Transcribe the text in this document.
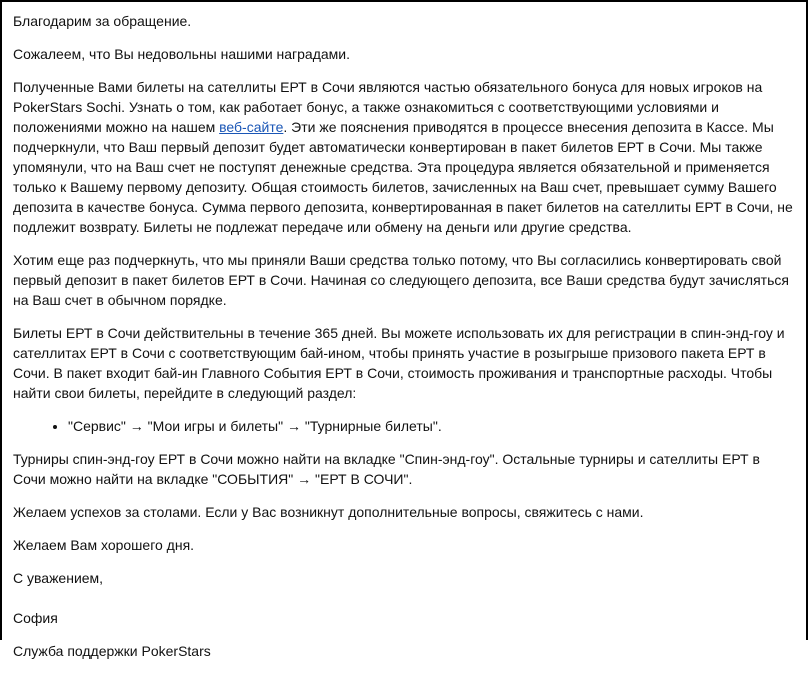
Благодарим за обращение.

Сожалеем, что Вы недовольны нашими наградами.

Полученные Вами билеты на сателлиты ЕРТ в Сочи являются частью обязательного бонуса для новых игроков на PokerStars Sochi. Узнать о том, как работает бонус, а также ознакомиться с соответствующими условиями и положениями можно на нашем веб-сайте. Эти же пояснения приводятся в процессе внесения депозита в Кассе. Мы подчеркнули, что Ваш первый депозит будет автоматически конвертирован в пакет билетов ЕРТ в Сочи. Мы также упомянули, что на Ваш счет не поступят денежные средства. Эта процедура является обязательной и применяется только к Вашему первому депозиту. Общая стоимость билетов, зачисленных на Ваш счет, превышает сумму Вашего депозита в качестве бонуса. Сумма первого депозита, конвертированная в пакет билетов на сателлиты ЕРТ в Сочи, не подлежит возврату. Билеты не подлежат передаче или обмену на деньги или другие средства.

Хотим еще раз подчеркнуть, что мы приняли Ваши средства только потому, что Вы согласились конвертировать свой первый депозит в пакет билетов ЕРТ в Сочи. Начиная со следующего депозита, все Ваши средства будут зачисляться на Ваш счет в обычном порядке.

Билеты ЕРТ в Сочи действительны в течение 365 дней. Вы можете использовать их для регистрации в спин-энд-гоу и сателлитах ЕРТ в Сочи с соответствующим бай-ином, чтобы принять участие в розыгрыше призового пакета ЕРТ в Сочи. В пакет входит бай-ин Главного События ЕРТ в Сочи, стоимость проживания и транспортные расходы. Чтобы найти свои билеты, перейдите в следующий раздел:

• "Сервис" → "Мои игры и билеты" → "Турнирные билеты".

Турниры спин-энд-гоу ЕРТ в Сочи можно найти на вкладке "Спин-энд-гоу". Остальные турниры и сателлиты ЕРТ в Сочи можно найти на вкладке "СОБЫТИЯ" → "ЕРТ В СОЧИ".

Желаем успехов за столами. Если у Вас возникнут дополнительные вопросы, свяжитесь с нами.

Желаем Вам хорошего дня.

С уважением,

София

Служба поддержки PokerStars
